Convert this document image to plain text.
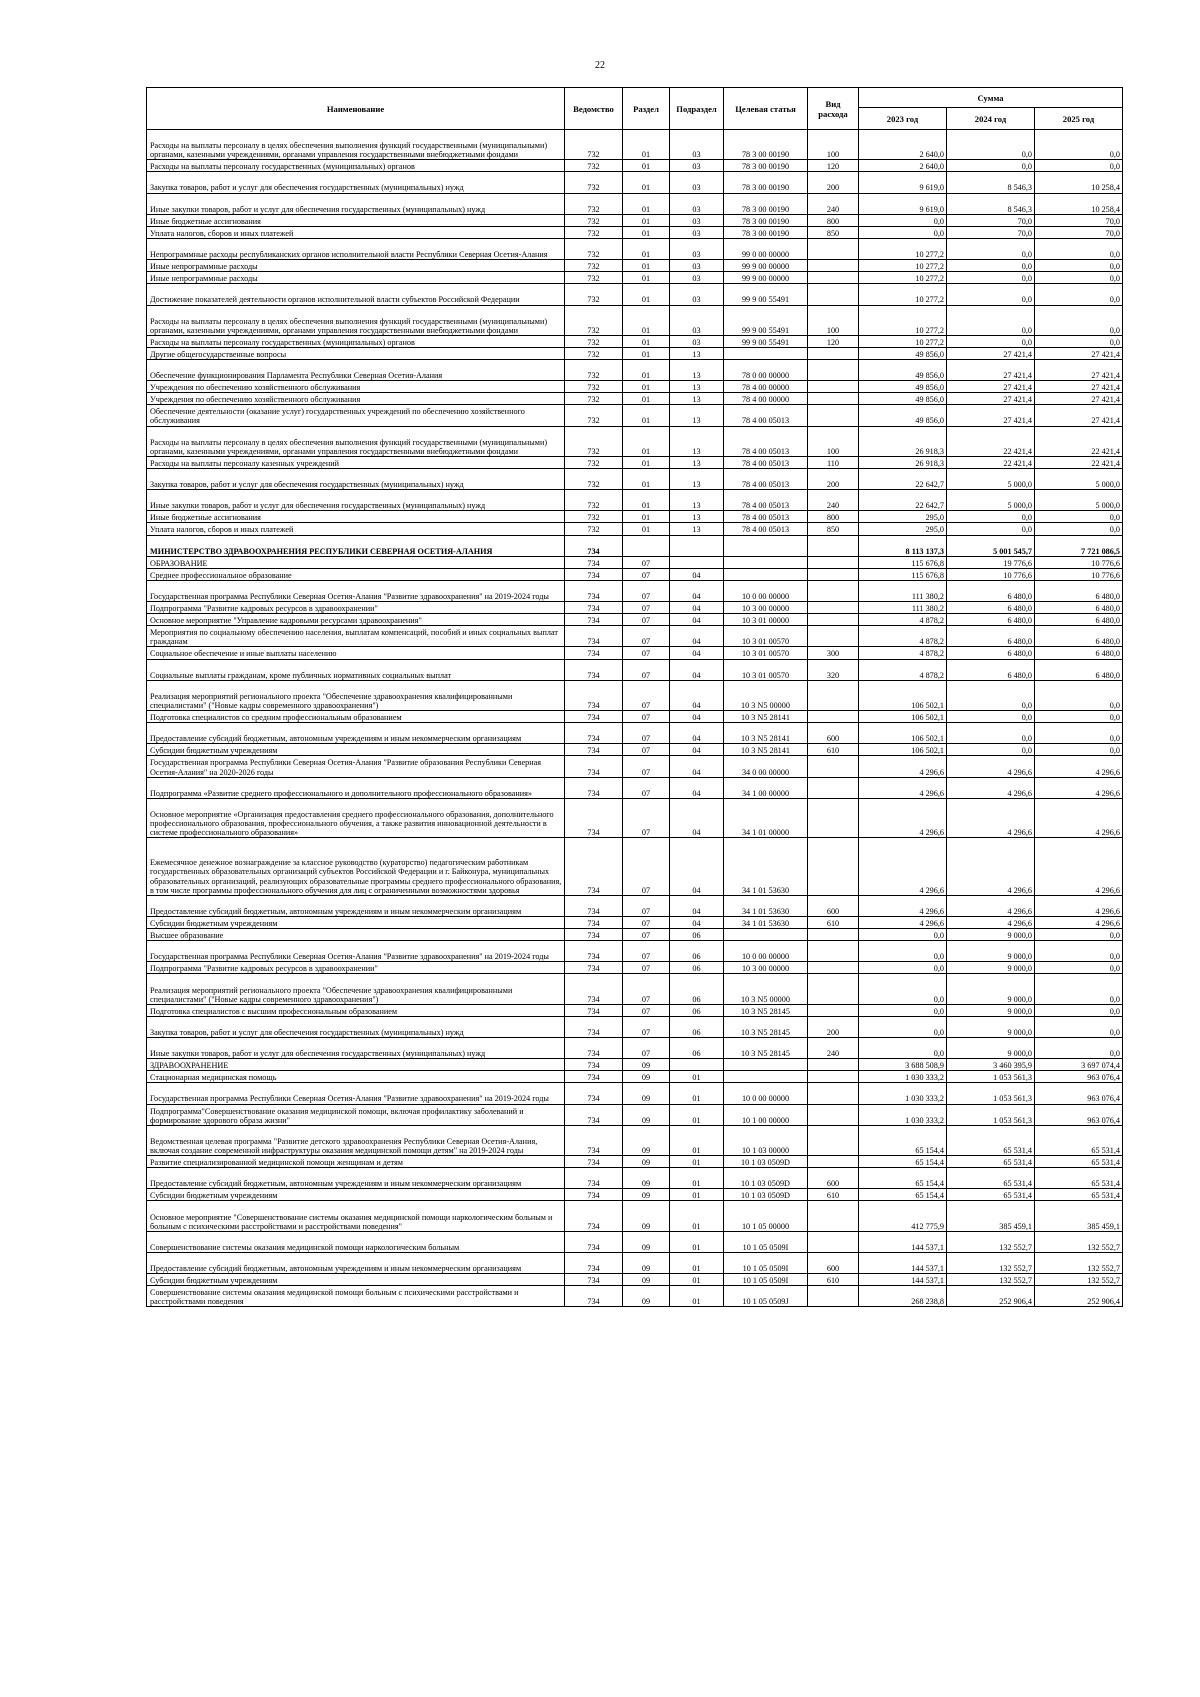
22
Наименование	Ведомство	Раздел	Подраздел	Целевая статья	Вид расхода	Сумма		
						2023 год	2024 год	2025 год
Расходы на выплаты персоналу в целях обеспечения выполнения функций государственными (муниципальными) органами, казенными учреждениями, органами управления государственными внебюджетными фондами	732	01	03	78 3 00 00190	100	2 640,0	0,0	0,0
Расходы на выплаты персоналу государственных (муниципальных) органов	732	01	03	78 3 00 00190	120	2 640,0	0,0	0,0
Закупка товаров, работ и услуг для обеспечения государственных (муниципальных) нужд	732	01	03	78 3 00 00190	200	9 619,0	8 546,3	10 258,4
Иные закупки товаров, работ и услуг для обеспечения государственных (муниципальных) нужд	732	01	03	78 3 00 00190	240	9 619,0	8 546,3	10 258,4
Иные бюджетные ассигнования	732	01	03	78 3 00 00190	800	0,0	70,0	70,0
Уплата налогов, сборов и иных платежей	732	01	03	78 3 00 00190	850	0,0	70,0	70,0
Непрограммные расходы республиканских органов исполнительной власти Республики Северная Осетия-Алания	732	01	03	99 0 00 00000		10 277,2	0,0	0,0
Иные непрограммные расходы	732	01	03	99 9 00 00000		10 277,2	0,0	0,0
Иные непрограммные расходы	732	01	03	99 9 00 00000		10 277,2	0,0	0,0
Достижение показателей деятельности органов исполнительной власти субъектов Российской Федерации	732	01	03	99 9 00 55491		10 277,2	0,0	0,0
Расходы на выплаты персоналу в целях обеспечения выполнения функций государственными (муниципальными) органами, казенными учреждениями, органами управления государственными внебюджетными фондами	732	01	03	99 9 00 55491	100	10 277,2	0,0	0,0
Расходы на выплаты персоналу государственных (муниципальных) органов	732	01	03	99 9 00 55491	120	10 277,2	0,0	0,0
Другие общегосударственные вопросы	732	01	13			49 856,0	27 421,4	27 421,4
Обеспечение функционирования Парламента Республики Северная Осетия-Алания	732	01	13	78 0 00 00000		49 856,0	27 421,4	27 421,4
Учреждения по обеспечению хозяйственного обслуживания	732	01	13	78 4 00 00000		49 856,0	27 421,4	27 421,4
Учреждения по обеспечению хозяйственного обслуживания	732	01	13	78 4 00 00000		49 856,0	27 421,4	27 421,4
Обеспечение деятельности (оказание услуг) государственных учреждений по обеспечению хозяйственного обслуживания	732	01	13	78 4 00 05013		49 856,0	27 421,4	27 421,4
Расходы на выплаты персоналу в целях обеспечения выполнения функций государственными (муниципальными) органами, казенными учреждениями, органами управления государственными внебюджетными фондами	732	01	13	78 4 00 05013	100	26 918,3	22 421,4	22 421,4
Расходы на выплаты персоналу казенных учреждений	732	01	13	78 4 00 05013	110	26 918,3	22 421,4	22 421,4
Закупка товаров, работ и услуг для обеспечения государственных (муниципальных) нужд	732	01	13	78 4 00 05013	200	22 642,7	5 000,0	5 000,0
Иные закупки товаров, работ и услуг для обеспечения государственных (муниципальных) нужд	732	01	13	78 4 00 05013	240	22 642,7	5 000,0	5 000,0
Иные бюджетные ассигнования	732	01	13	78 4 00 05013	800	295,0	0,0	0,0
Уплата налогов, сборов и иных платежей	732	01	13	78 4 00 05013	850	295,0	0,0	0,0
МИНИСТЕРСТВО ЗДРАВООХРАНЕНИЯ РЕСПУБЛИКИ СЕВЕРНАЯ ОСЕТИЯ-АЛАНИЯ	734					8 113 137,3	5 001 545,7	7 721 086,5
ОБРАЗОВАНИЕ	734	07				115 676,8	19 776,6	10 776,6
Среднее профессиональное образование	734	07	04			115 676,8	10 776,6	10 776,6
Государственная программа Республики Северная Осетия-Алания "Развитие здравоохранения" на 2019-2024 годы	734	07	04	10 0 00 00000		111 380,2	6 480,0	6 480,0
Подпрограмма "Развитие кадровых ресурсов в здравоохранении"	734	07	04	10 3 00 00000		111 380,2	6 480,0	6 480,0
Основное мероприятие "Управление кадровыми ресурсами здравоохранения"	734	07	04	10 3 01 00000		4 878,2	6 480,0	6 480,0
Мероприятия по социальному обеспечению населения, выплатам компенсаций, пособий и иных социальных выплат гражданам	734	07	04	10 3 01 00570		4 878,2	6 480,0	6 480,0
Социальное обеспечение и иные выплаты населению	734	07	04	10 3 01 00570	300	4 878,2	6 480,0	6 480,0
Социальные выплаты гражданам, кроме публичных нормативных социальных выплат	734	07	04	10 3 01 00570	320	4 878,2	6 480,0	6 480,0
Реализация мероприятий регионального проекта "Обеспечение здравоохранения квалифицированными специалистами" ("Новые кадры современного здравоохранения")	734	07	04	10 3 N5 00000		106 502,1	0,0	0,0
Подготовка специалистов со средним профессиональным образованием	734	07	04	10 3 N5 28141		106 502,1	0,0	0,0
Предоставление субсидий бюджетным, автономным учреждениям и иным некоммерческим организациям	734	07	04	10 3 N5 28141	600	106 502,1	0,0	0,0
Субсидии бюджетным учреждениям	734	07	04	10 3 N5 28141	610	106 502,1	0,0	0,0
Государственная программа Республики Северная Осетия-Алания "Развитие образования Республики Северная Осетия-Алания" на 2020-2026 годы	734	07	04	34 0 00 00000		4 296,6	4 296,6	4 296,6
Подпрограмма «Развитие среднего профессионального и дополнительного профессионального образования»	734	07	04	34 1 00 00000		4 296,6	4 296,6	4 296,6
Основное мероприятие «Организация предоставления среднего профессионального образования, дополнительного профессионального образования, профессионального обучения, а также развития инновационной деятельности в системе профессионального образования»	734	07	04	34 1 01 00000		4 296,6	4 296,6	4 296,6
Ежемесячное денежное вознаграждение за классное руководство (кураторство) педагогическим работникам государственных образовательных организаций субъектов Российской Федерации и г. Байконура, муниципальных образовательных организаций, реализующих образовательные программы среднего профессионального образования, в том числе программы профессионального обучения для лиц с ограниченными возможностями здоровья	734	07	04	34 1 01 53630		4 296,6	4 296,6	4 296,6
Предоставление субсидий бюджетным, автономным учреждениям и иным некоммерческим организациям	734	07	04	34 1 01 53630	600	4 296,6	4 296,6	4 296,6
Субсидии бюджетным учреждениям	734	07	04	34 1 01 53630	610	4 296,6	4 296,6	4 296,6
Высшее образование	734	07	06			0,0	9 000,0	0,0
Государственная программа Республики Северная Осетия-Алания "Развитие здравоохранения" на 2019-2024 годы	734	07	06	10 0 00 00000		0,0	9 000,0	0,0
Подпрограмма "Развитие кадровых ресурсов в здравоохранении"	734	07	06	10 3 00 00000		0,0	9 000,0	0,0
Реализация мероприятий регионального проекта "Обеспечение здравоохранения квалифицированными специалистами" ("Новые кадры современного здравоохранения")	734	07	06	10 3 N5 00000		0,0	9 000,0	0,0
Подготовка специалистов с высшим профессиональным образованием	734	07	06	10 3 N5 28145		0,0	9 000,0	0,0
Закупка товаров, работ и услуг для обеспечения государственных (муниципальных) нужд	734	07	06	10 3 N5 28145	200	0,0	9 000,0	0,0
Иные закупки товаров, работ и услуг для обеспечения государственных (муниципальных) нужд	734	07	06	10 3 N5 28145	240	0,0	9 000,0	0,0
ЗДРАВООХРАНЕНИЕ	734	09				3 688 508,9	3 460 395,9	3 697 074,4
Стационарная медицинская помощь	734	09	01			1 030 333,2	1 053 561,3	963 076,4
Государственная программа Республики Северная Осетия-Алания "Развитие здравоохранения" на 2019-2024 годы	734	09	01	10 0 00 00000		1 030 333,2	1 053 561,3	963 076,4
Подпрограмма"Совершенствование оказания медицинской помощи, включая профилактику заболеваний и формирование здорового образа жизни"	734	09	01	10 1 00 00000		1 030 333,2	1 053 561,3	963 076,4
Ведомственная целевая программа "Развитие детского здравоохранения Республики Северная Осетия-Алания, включая создание современной инфраструктуры оказания медицинской помощи детям" на 2019-2024 годы	734	09	01	10 1 03 00000		65 154,4	65 531,4	65 531,4
Развитие специализированной медицинской помощи женщинам и детям	734	09	01	10 1 03 0509D		65 154,4	65 531,4	65 531,4
Предоставление субсидий бюджетным, автономным учреждениям и иным некоммерческим организациям	734	09	01	10 1 03 0509D	600	65 154,4	65 531,4	65 531,4
Субсидии бюджетным учреждениям	734	09	01	10 1 03 0509D	610	65 154,4	65 531,4	65 531,4
Основное мероприятие "Совершенствование системы оказания медицинской помощи наркологическим больным и больным с психическими расстройствами и расстройствами поведения"	734	09	01	10 1 05 00000		412 775,9	385 459,1	385 459,1
Совершенствование системы оказания медицинской помощи наркологическим больным	734	09	01	10 1 05 0509I		144 537,1	132 552,7	132 552,7
Предоставление субсидий бюджетным, автономным учреждениям и иным некоммерческим организациям	734	09	01	10 1 05 0509I	600	144 537,1	132 552,7	132 552,7
Субсидии бюджетным учреждениям	734	09	01	10 1 05 0509I	610	144 537,1	132 552,7	132 552,7
Совершенствование системы оказания медицинской помощи больным с психическими расстройствами и расстройствами поведения	734	09	01	10 1 05 0509J		268 238,8	252 906,4	252 906,4
